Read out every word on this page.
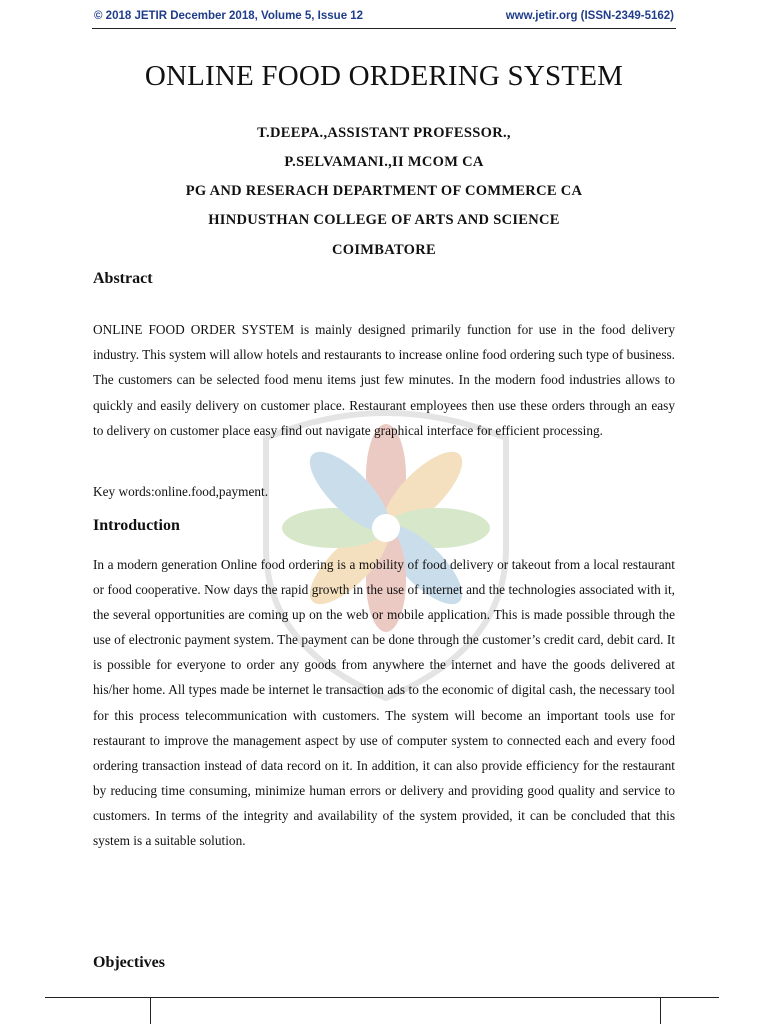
© 2018 JETIR December 2018, Volume 5, Issue 12	www.jetir.org (ISSN-2349-5162)
ONLINE FOOD ORDERING SYSTEM
T.DEEPA.,ASSISTANT PROFESSOR.,
P.SELVAMANI.,II MCOM CA
PG AND RESERACH DEPARTMENT OF COMMERCE CA
HINDUSTHAN COLLEGE OF ARTS AND SCIENCE
COIMBATORE
Abstract
ONLINE FOOD ORDER SYSTEM is mainly designed primarily function for use in the food delivery industry. This system will allow hotels and restaurants to increase online food ordering such type of business. The customers can be selected food menu items just few minutes. In the modern food industries allows to quickly and easily delivery on customer place. Restaurant employees then use these orders through an easy to delivery on customer place easy find out navigate graphical interface for efficient processing.
Key words:online.food,payment.
Introduction
In a modern generation Online food ordering is a mobility of food delivery or takeout from a local restaurant or food cooperative. Now days the rapid growth in the use of internet and the technologies associated with it, the several opportunities are coming up on the web or mobile application. This is made possible through the use of electronic payment system. The payment can be done through the customer’s credit card, debit card. It is possible for everyone to order any goods from anywhere the internet and have the goods delivered at his/her home. All types made be internet le transaction ads to the economic of digital cash, the necessary tool for this process telecommunication with customers. The system will become an important tools use for restaurant to improve the management aspect by use of computer system to connected each and every food ordering transaction instead of data record on it. In addition, it can also provide efficiency for the restaurant by reducing time consuming, minimize human errors or delivery and providing good quality and service to customers. In terms of the integrity and availability of the system provided, it can be concluded that this system is a suitable solution.
Objectives
